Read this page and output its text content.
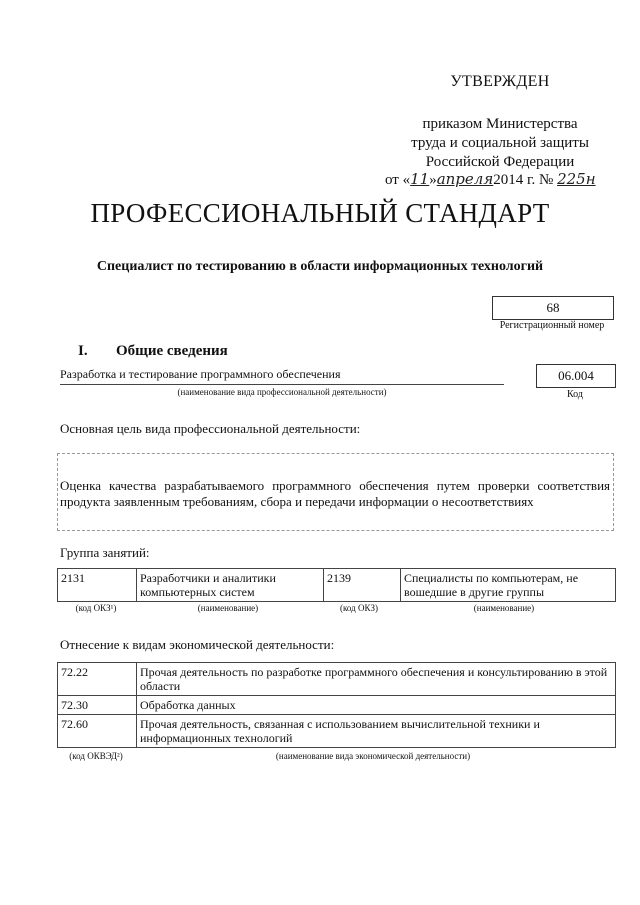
УТВЕРЖДЕН
приказом Министерства
труда и социальной защиты
Российской Федерации
от «11»апреля2014 г. № 225н
ПРОФЕССИОНАЛЬНЫЙ СТАНДАРТ
Специалист по тестированию в области информационных технологий
68
Регистрационный номер
I. Общие сведения
Разработка и тестирование программного обеспечения
(наименование вида профессиональной деятельности)
06.004
Код
Основная цель вида профессиональной деятельности:
Оценка качества разрабатываемого программного обеспечения путем проверки соответствия продукта заявленным требованиям, сбора и передачи информации о несоответствиях
Группа занятий:
2131	Разработчики и аналитики компьютерных систем	2139	Специалисты по компьютерам, не вошедшие в другие группы
(код ОКЗ¹)	(наименование)	(код ОКЗ)	(наименование)
Отнесение к видам экономической деятельности:
72.22	Прочая деятельность по разработке программного обеспечения и консультированию в этой области
72.30	Обработка данных
72.60	Прочая деятельность, связанная с использованием вычислительной техники и информационных технологий
(код ОКВЭД²)	(наименование вида экономической деятельности)
